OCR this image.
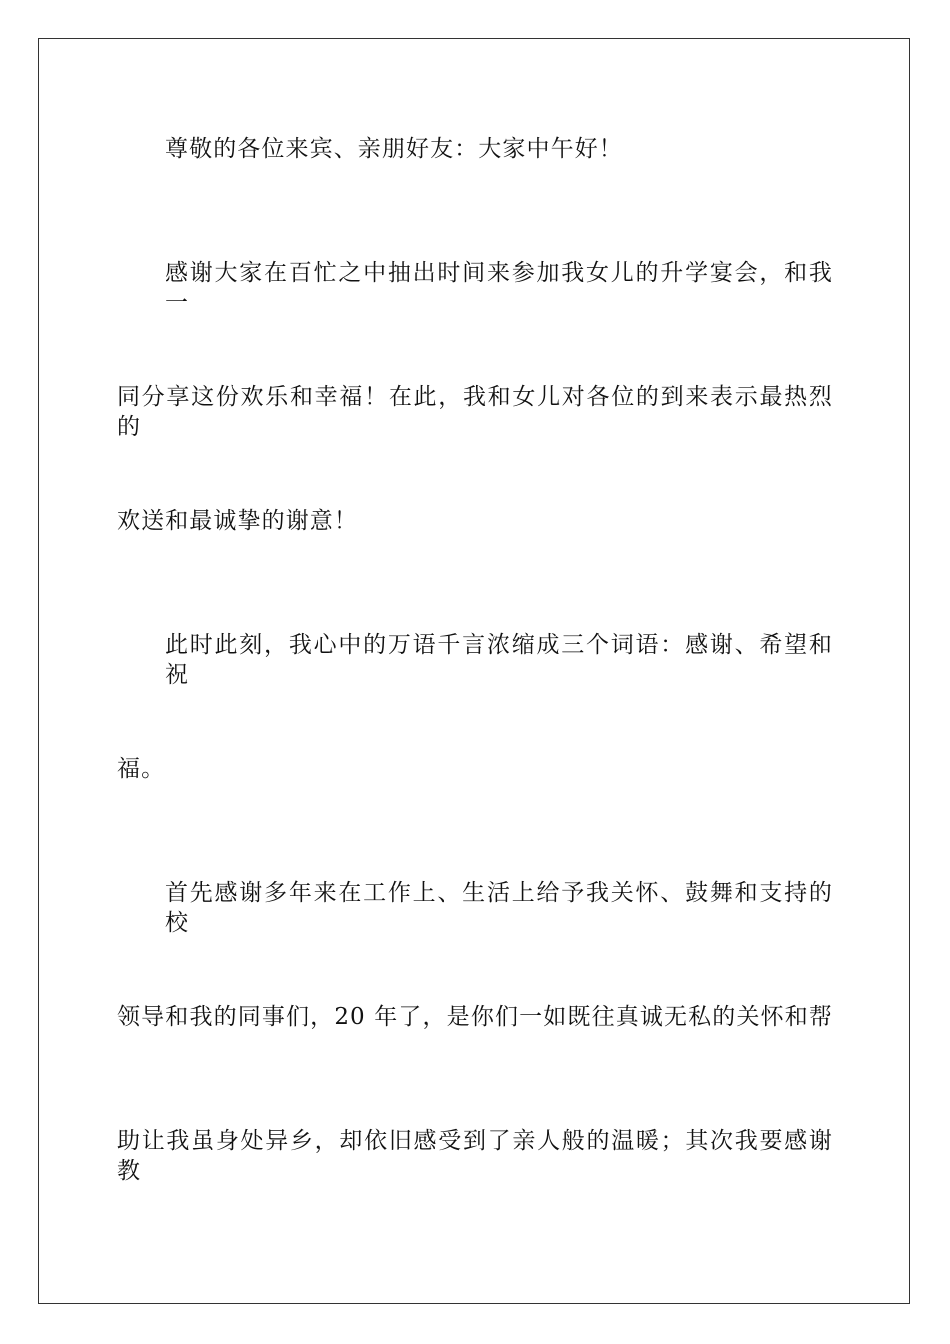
尊敬的各位来宾、亲朋好友：大家中午好！

感谢大家在百忙之中抽出时间来参加我女儿的升学宴会，和我一

同分享这份欢乐和幸福！在此，我和女儿对各位的到来表示最热烈的

欢送和最诚挚的谢意！

此时此刻，我心中的万语千言浓缩成三个词语：感谢、希望和祝

福。

首先感谢多年来在工作上、生活上给予我关怀、鼓舞和支持的校

领导和我的同事们，20 年了，是你们一如既往真诚无私的关怀和帮

助让我虽身处异乡，却依旧感受到了亲人般的温暖；其次我要感谢教
